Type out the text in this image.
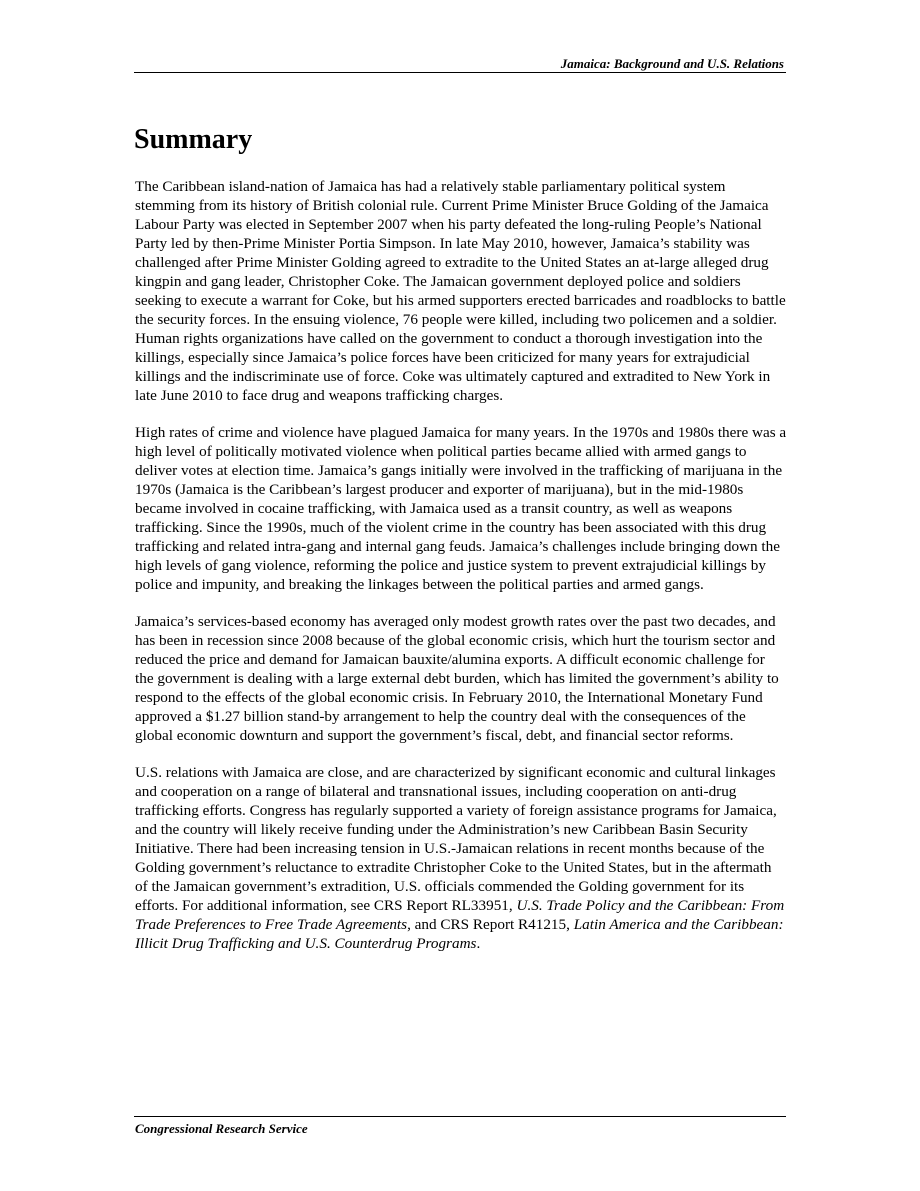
Jamaica: Background and U.S. Relations
Summary

The Caribbean island-nation of Jamaica has had a relatively stable parliamentary political system stemming from its history of British colonial rule. Current Prime Minister Bruce Golding of the Jamaica Labour Party was elected in September 2007 when his party defeated the long-ruling People’s National Party led by then-Prime Minister Portia Simpson. In late May 2010, however, Jamaica’s stability was challenged after Prime Minister Golding agreed to extradite to the United States an at-large alleged drug kingpin and gang leader, Christopher Coke. The Jamaican government deployed police and soldiers seeking to execute a warrant for Coke, but his armed supporters erected barricades and roadblocks to battle the security forces. In the ensuing violence, 76 people were killed, including two policemen and a soldier. Human rights organizations have called on the government to conduct a thorough investigation into the killings, especially since Jamaica’s police forces have been criticized for many years for extrajudicial killings and the indiscriminate use of force. Coke was ultimately captured and extradited to New York in late June 2010 to face drug and weapons trafficking charges.

High rates of crime and violence have plagued Jamaica for many years. In the 1970s and 1980s there was a high level of politically motivated violence when political parties became allied with armed gangs to deliver votes at election time. Jamaica’s gangs initially were involved in the trafficking of marijuana in the 1970s (Jamaica is the Caribbean’s largest producer and exporter of marijuana), but in the mid-1980s became involved in cocaine trafficking, with Jamaica used as a transit country, as well as weapons trafficking. Since the 1990s, much of the violent crime in the country has been associated with this drug trafficking and related intra-gang and internal gang feuds. Jamaica’s challenges include bringing down the high levels of gang violence, reforming the police and justice system to prevent extrajudicial killings by police and impunity, and breaking the linkages between the political parties and armed gangs.

Jamaica’s services-based economy has averaged only modest growth rates over the past two decades, and has been in recession since 2008 because of the global economic crisis, which hurt the tourism sector and reduced the price and demand for Jamaican bauxite/alumina exports. A difficult economic challenge for the government is dealing with a large external debt burden, which has limited the government’s ability to respond to the effects of the global economic crisis. In February 2010, the International Monetary Fund approved a $1.27 billion stand-by arrangement to help the country deal with the consequences of the global economic downturn and support the government’s fiscal, debt, and financial sector reforms.

U.S. relations with Jamaica are close, and are characterized by significant economic and cultural linkages and cooperation on a range of bilateral and transnational issues, including cooperation on anti-drug trafficking efforts. Congress has regularly supported a variety of foreign assistance programs for Jamaica, and the country will likely receive funding under the Administration’s new Caribbean Basin Security Initiative. There had been increasing tension in U.S.-Jamaican relations in recent months because of the Golding government’s reluctance to extradite Christopher Coke to the United States, but in the aftermath of the Jamaican government’s extradition, U.S. officials commended the Golding government for its efforts. For additional information, see CRS Report RL33951, U.S. Trade Policy and the Caribbean: From Trade Preferences to Free Trade Agreements, and CRS Report R41215, Latin America and the Caribbean: Illicit Drug Trafficking and U.S. Counterdrug Programs.

Congressional Research Service
